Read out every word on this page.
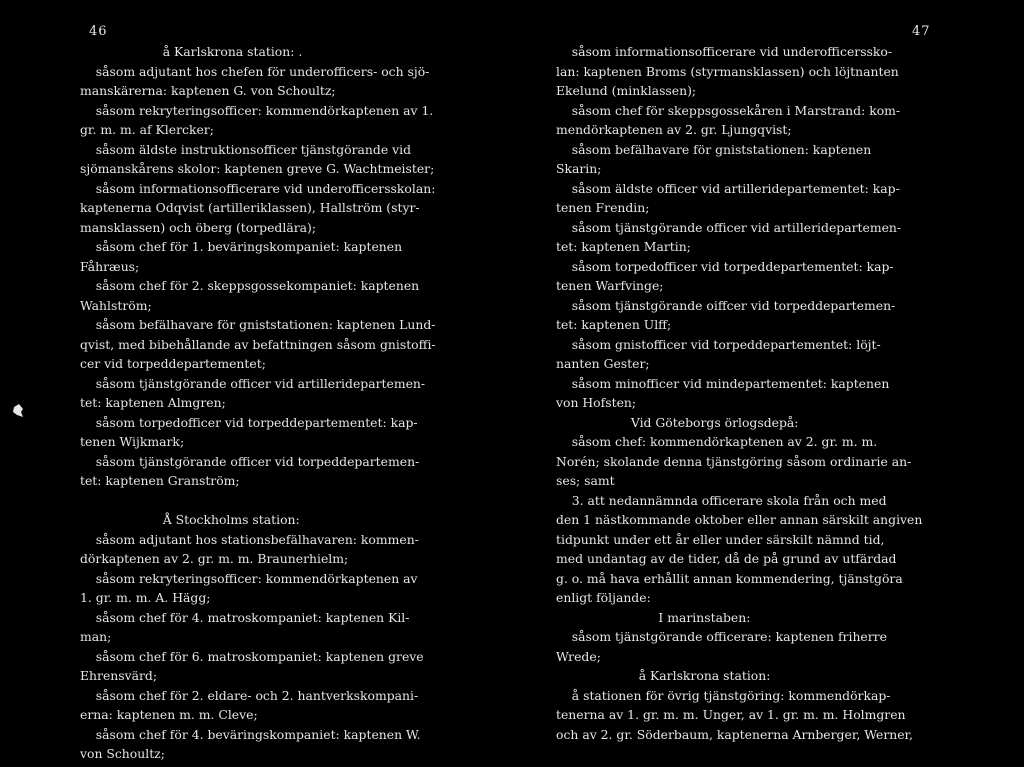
46	47
å Karlskrona station: .
såsom adjutant hos chefen för underofficers- och sjö-
manskärerna: kaptenen G. von Schoultz;
såsom rekryteringsofficer: kommendörkaptenen av 1.
gr. m. m. af Klercker;
såsom äldste instruktionsofficer tjänstgörande vid
sjömanskårens skolor: kaptenen greve G. Wachtmeister;
såsom informationsofficerare vid underofficersskolan:
kaptenerna Odqvist (artilleriklassen), Hallström (styr-
mansklassen) och öberg (torpedlära);
såsom chef för 1. beväringskompaniet: kaptenen
Fåhræus;
såsom chef för 2. skeppsgossekompaniet: kaptenen
Wahlström;
såsom befälhavare för gniststationen: kaptenen Lund-
qvist, med bibehållande av befattningen såsom gnistoffi-
cer vid torpeddepartementet;
såsom tjänstgörande officer vid artilleridepartemen-
tet: kaptenen Almgren;
såsom torpedofficer vid torpeddepartementet: kap-
tenen Wijkmark;
såsom tjänstgörande officer vid torpeddepartemen-
tet: kaptenen Granström;
Å Stockholms station:
såsom adjutant hos stationsbefälhavaren: kommen-
dörkaptenen av 2. gr. m. m. Braunerhielm;
såsom rekryteringsofficer: kommendörkaptenen av
1. gr. m. m. A. Hägg;
såsom chef för 4. matroskompaniet: kaptenen Kil-
man;
såsom chef för 6. matroskompaniet: kaptenen greve
Ehrensvärd;
såsom chef för 2. eldare- och 2. hantverkskompani-
erna: kaptenen m. m. Cleve;
såsom chef för 4. beväringskompaniet: kaptenen W.
von Schoultz;
såsom informationsofficerare vid underofficersskо-
lan: kaptenen Broms (styrmansklassen) och löjtnanten
Ekelund (minklassen);
såsom chef för skeppsgossekåren i Marstrand: kom-
mendörkaptenen av 2. gr. Ljungqvist;
såsom befälhavare för gniststationen: kaptenen
Skarin;
såsom äldste officer vid artilleridepartementet: kap-
tenen Frendin;
såsom tjänstgörande officer vid artilleridepartemen-
tet: kaptenen Martin;
såsom torpedofficer vid torpeddepartementet: kap-
tenen Warfvinge;
såsom tjänstgörande oiffcer vid torpeddepartemen-
tet: kaptenen Ulff;
såsom gnistofficer vid torpeddepartementet: löjt-
nanten Gester;
såsom minofficer vid mindepartementet: kaptenen
von Hofsten;
Vid Göteborgs örlogsdepå:
såsom chef: kommendörkaptenen av 2. gr. m. m.
Norén; skolande denna tjänstgöring såsom ordinarie an-
ses; samt
3. att nedannämnda officerare skola från och med
den 1 nästkommande oktober eller annan särskilt angiven
tidpunkt under ett år eller under särskilt nämnd tid,
med undantag av de tider, då de på grund av utfärdad
g. o. må hava erhållit annan kommendering, tjänstgöra
enligt följande:
I marinstaben:
såsom tjänstgörande officerare: kaptenen friherre
Wrede;
å Karlskrona station:
å stationen för övrig tjänstgöring: kommendörkap-
tenerna av 1. gr. m. m. Unger, av 1. gr. m. m. Holmgren
och av 2. gr. Söderbaum, kaptenerna Arnberger, Werner,
